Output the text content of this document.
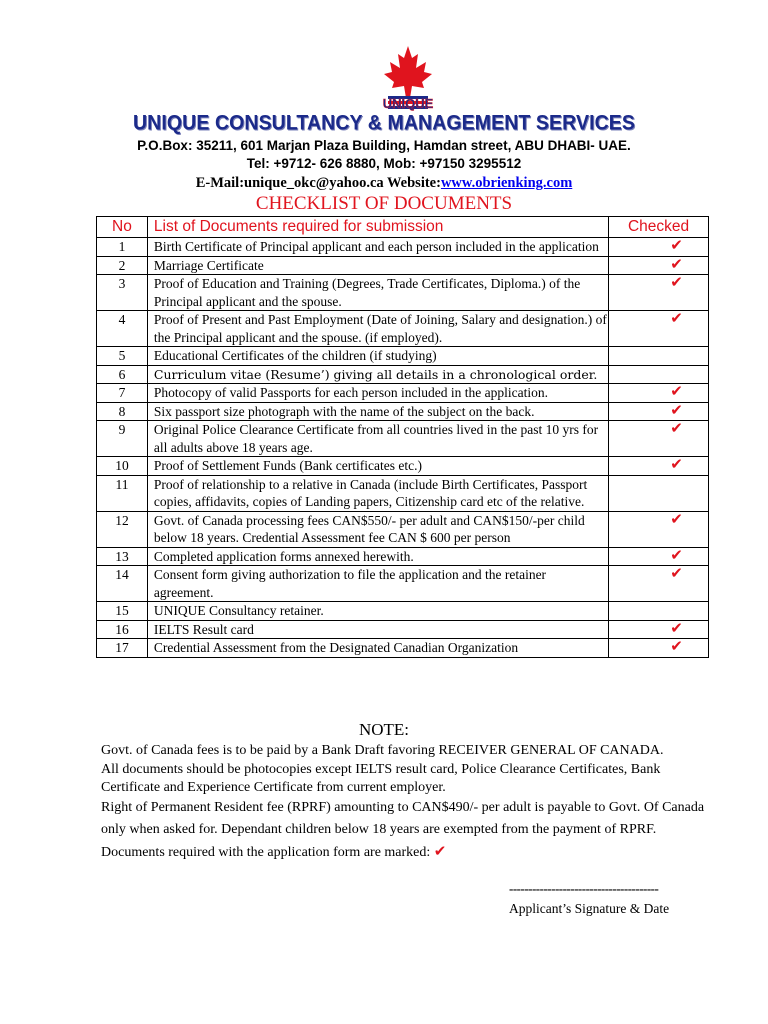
UNIQUE
UNIQUE CONSULTANCY & MANAGEMENT SERVICES
P.O.Box: 35211, 601 Marjan Plaza Building, Hamdan street, ABU DHABI- UAE.
Tel: +9712- 626 8880, Mob: +97150 3295512
E-Mail:unique_okc@yahoo.ca Website:www.obrienking.com
CHECKLIST OF DOCUMENTS
No	List of Documents required for submission	Checked
1	Birth Certificate of Principal applicant and each person included in the application	✔
2	Marriage Certificate	✔
3	Proof of Education and Training (Degrees, Trade Certificates, Diploma.) of the Principal applicant and the spouse.	✔
4	Proof of Present and Past Employment (Date of Joining, Salary and designation.) of the Principal applicant and the spouse. (if employed).	✔
5	Educational Certificates of the children (if studying)	
6	Curriculum vitae (Resume’) giving all details in a chronological order.	
7	Photocopy of valid Passports for each person included in the application.	✔
8	Six passport size photograph with the name of the subject on the back.	✔
9	Original Police Clearance Certificate from all countries lived in the past 10 yrs for all adults above 18 years age.	✔
10	Proof of Settlement Funds (Bank certificates etc.)	✔
11	Proof of relationship to a relative in Canada (include Birth Certificates, Passport copies, affidavits, copies of Landing papers, Citizenship card etc of the relative.	
12	Govt. of Canada processing fees CAN$550/- per adult and CAN$150/-per child below 18 years. Credential Assessment fee CAN $ 600 per person	✔
13	Completed application forms annexed herewith.	✔
14	Consent form giving authorization to file the application and the retainer agreement.	✔
15	UNIQUE Consultancy retainer.	
16	IELTS Result card	✔
17	Credential Assessment from the Designated Canadian Organization	✔
NOTE:
Govt. of Canada fees is to be paid by a Bank Draft favoring RECEIVER GENERAL OF CANADA.
All documents should be photocopies except IELTS result card, Police Clearance Certificates, Bank
Certificate and Experience Certificate from current employer.
Right of Permanent Resident fee (RPRF) amounting to CAN$490/- per adult is payable to Govt. Of Canada
only when asked for. Dependant children below 18 years are exempted from the payment of RPRF.
Documents required with the application form are marked: ✔
---------------------------------------
Applicant’s Signature & Date
